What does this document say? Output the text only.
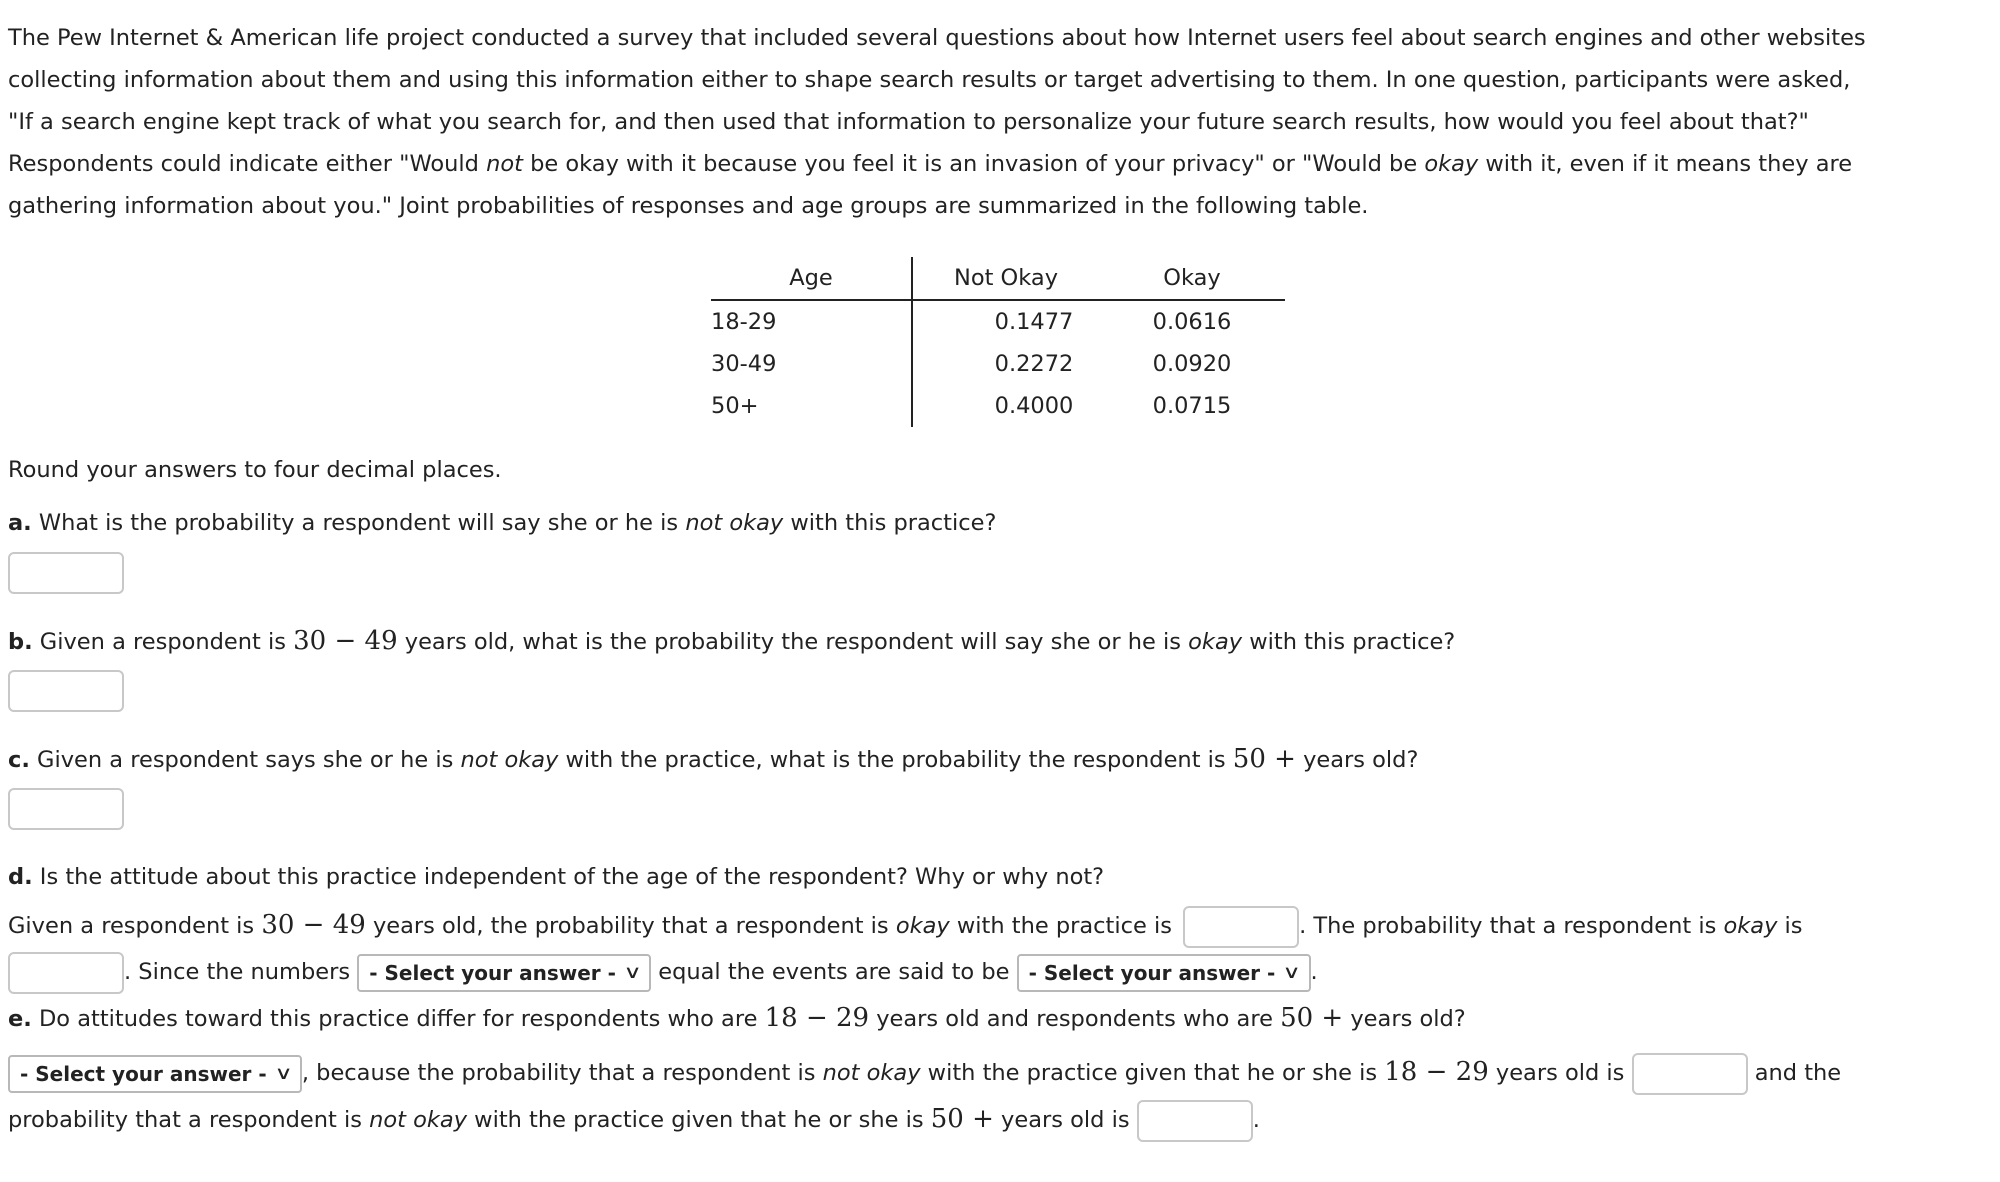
The Pew Internet & American life project conducted a survey that included several questions about how Internet users feel about search engines and other websites
collecting information about them and using this information either to shape search results or target advertising to them. In one question, participants were asked,
"If a search engine kept track of what you search for, and then used that information to personalize your future search results, how would you feel about that?"
Respondents could indicate either "Would not be okay with it because you feel it is an invasion of your privacy" or "Would be okay with it, even if it means they are
gathering information about you." Joint probabilities of responses and age groups are summarized in the following table.

Age	Not Okay	Okay
18-29	0.1477	0.0616
30-49	0.2272	0.0920
50+	0.4000	0.0715

Round your answers to four decimal places.

a. What is the probability a respondent will say she or he is not okay with this practice?

b. Given a respondent is 30 − 49 years old, what is the probability the respondent will say she or he is okay with this practice?

c. Given a respondent says she or he is not okay with the practice, what is the probability the respondent is 50 + years old?

d. Is the attitude about this practice independent of the age of the respondent? Why or why not?

Given a respondent is 30 − 49 years old, the probability that a respondent is okay with the practice is	. The probability that a respondent is okay is
. Since the numbers - Select your answer - ∨ equal the events are said to be - Select your answer - ∨ .

e. Do attitudes toward this practice differ for respondents who are 18 − 29 years old and respondents who are 50 + years old?

- Select your answer - ∨ , because the probability that a respondent is not okay with the practice given that he or she is 18 − 29 years old is	and the
probability that a respondent is not okay with the practice given that he or she is 50 + years old is	.
